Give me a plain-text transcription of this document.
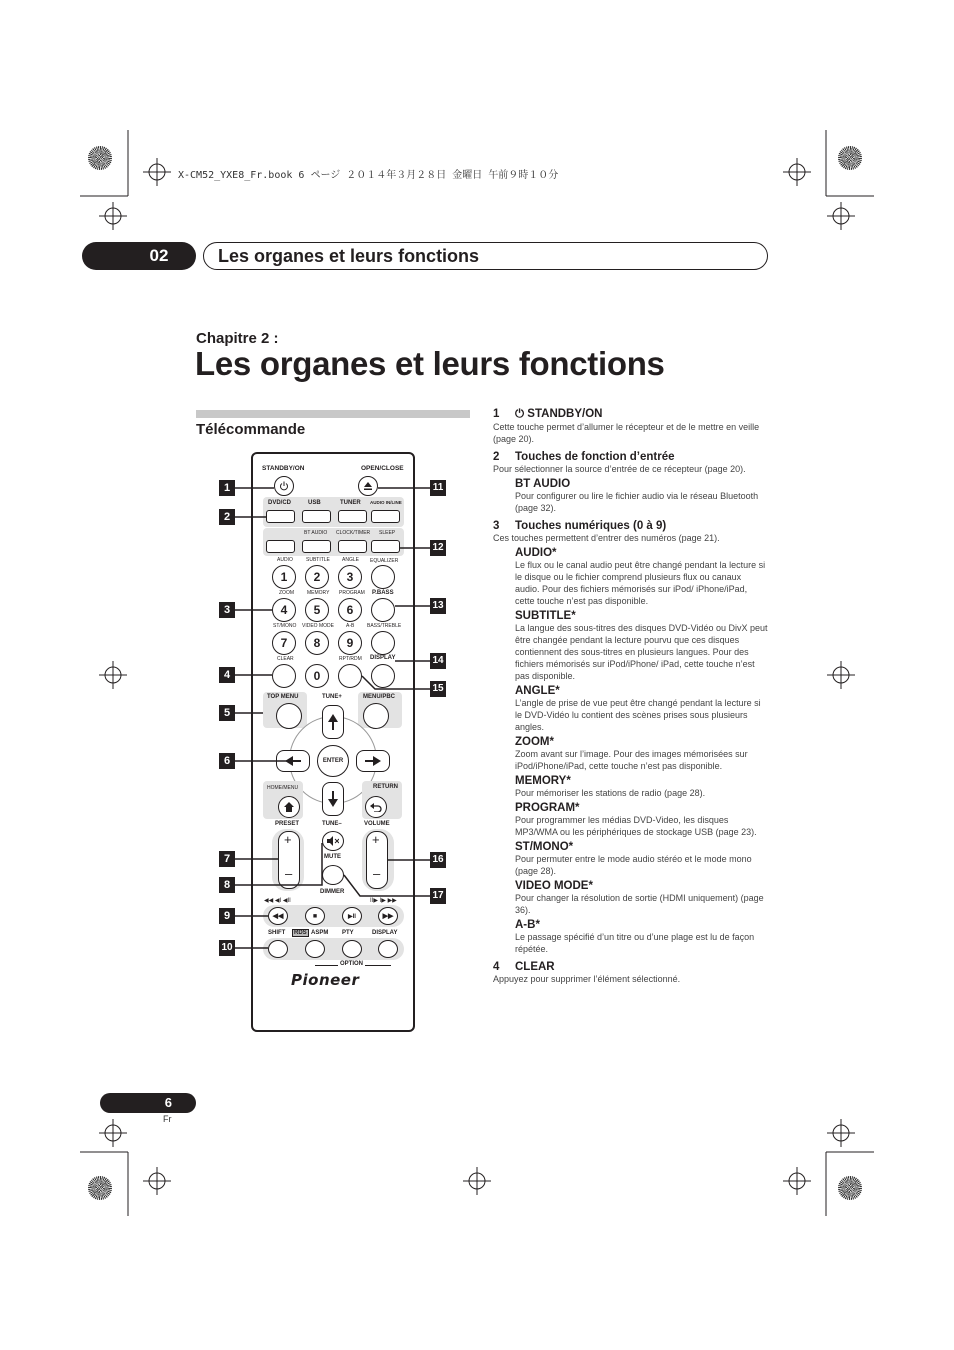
X-CM52_YXE8_Fr.book 6 ページ ２０１４年３月２８日 金曜日 午前９時１０分
02	Les organes et leurs fonctions
Chapitre 2 :
Les organes et leurs fonctions
Télécommande
STANDBY/ON	OPEN/CLOSE
DVD/CD	USB	TUNER AUDIO IN/LINE
BT AUDIO CLOCK/TIMER SLEEP
AUDIO	SUBTITLE ANGLE EQUALIZER
1	2	3
ZOOM	MEMORY PROGRAM P.BASS
4	5	6
ST/MONO VIDEO MODE A-B	BASS/TREBLE
7	8	9
CLEAR	RPT/RDM DISPLAY
0
TOP MENU	TUNE+	MENU/PBC
ENTER
HOME/MENU	RETURN
PRESET	TUNE–	VOLUME
+
–
+
–
MUTE
DIMMER
◀◀ ◀I ◀II	II▶ I▶ ▶▶
◀◀	■	▶II	▶▶
SHIFT	RDS ASPM PTY	DISPLAY
OPTION
Pioneer
1
2
3
4
5
6
7
8
9
10
11
12
13
14
15
16
17
1	⏻ STANDBY/ON
Cette touche permet d’allumer le récepteur et de le mettre en veille (page 20).
2	Touches de fonction d’entrée
Pour sélectionner la source d’entrée de ce récepteur (page 20).
BT AUDIO
Pour configurer ou lire le fichier audio via le réseau Bluetooth (page 32).
3	Touches numériques (0 à 9)
Ces touches permettent d’entrer des numéros (page 21).
AUDIO*
Le flux ou le canal audio peut être changé pendant la lecture si le disque ou le fichier comprend plusieurs flux ou canaux audio. Pour des fichiers mémorisés sur iPod/ iPhone/iPad, cette touche n’est pas disponible.
SUBTITLE*
La langue des sous-titres des disques DVD-Vidéo ou DivX peut être changée pendant la lecture pourvu que ces disques contiennent des sous-titres en plusieurs langues. Pour des fichiers mémorisés sur iPod/iPhone/ iPad, cette touche n’est pas disponible.
ANGLE*
L’angle de prise de vue peut être changé pendant la lecture si le DVD-Vidéo lu contient des scènes prises sous plusieurs angles.
ZOOM*
Zoom avant sur l’image. Pour des images mémorisées sur iPod/iPhone/iPad, cette touche n’est pas disponible.
MEMORY*
Pour mémoriser les stations de radio (page 28).
PROGRAM*
Pour programmer les médias DVD-Video, les disques MP3/WMA ou les périphériques de stockage USB (page 23).
ST/MONO*
Pour permuter entre le mode audio stéréo et le mode mono (page 28).
VIDEO MODE*
Pour changer la résolution de sortie (HDMI uniquement) (page 36).
A-B*
Le passage spécifié d’un titre ou d’une plage est lu de façon répétée.
4	CLEAR
Appuyez pour supprimer l’élément sélectionné.
6
Fr
